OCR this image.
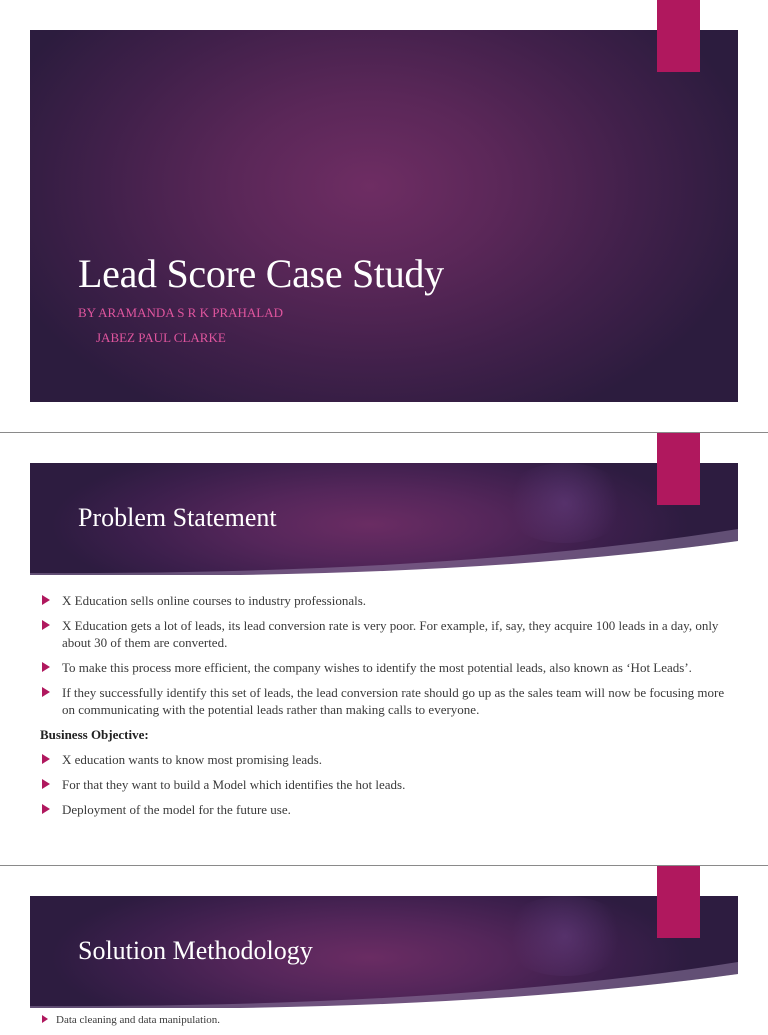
Lead Score Case Study
BY ARAMANDA S R K PRAHALAD
JABEZ PAUL CLARKE
Problem Statement
X Education sells online courses to industry professionals.
X Education gets a lot of leads, its lead conversion rate is very poor. For example, if, say, they acquire 100 leads in a day, only about 30 of them are converted.
To make this process more efficient, the company wishes to identify the most potential leads, also known as ‘Hot Leads’.
If they successfully identify this set of leads, the lead conversion rate should go up as the sales team will now be focusing more on communicating with the potential leads rather than making calls to everyone.
Business Objective:
X education wants to know most promising leads.
For that they want to build a Model which identifies the hot leads.
Deployment of the model for the future use.
Solution Methodology
Data cleaning and data manipulation.
